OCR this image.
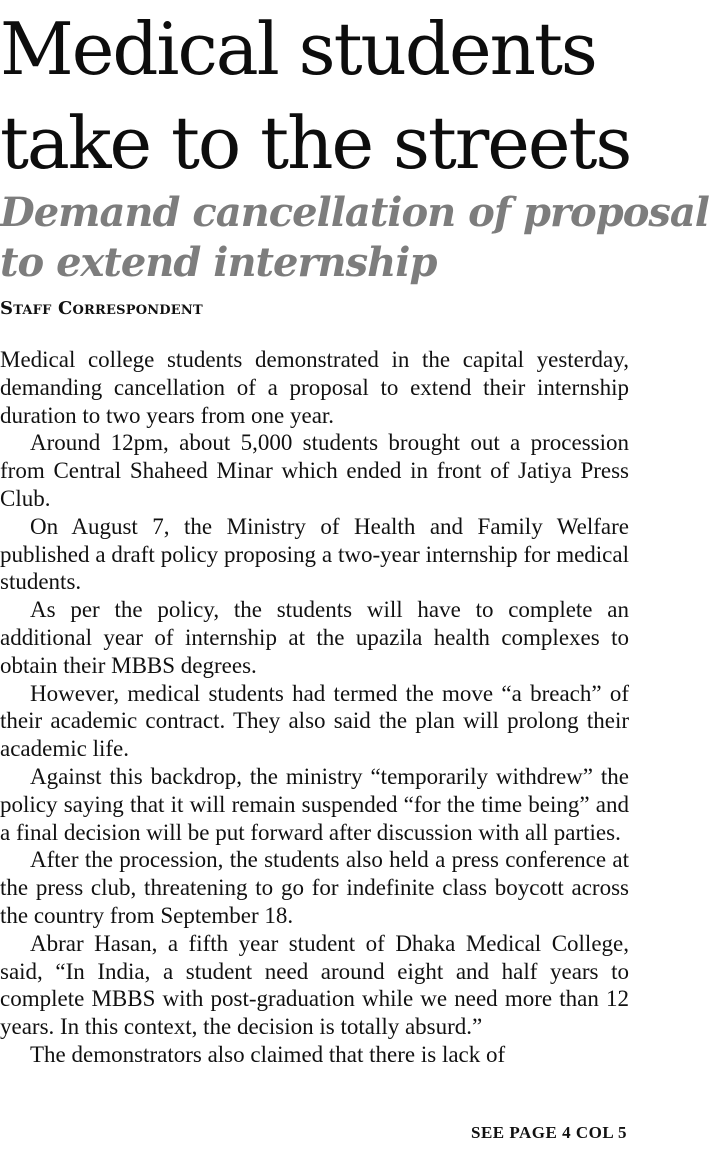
Medical students
take to the streets
Demand cancellation of proposal
to extend internship
Staff Correspondent

Medical college students demonstrated in the capital yesterday, demanding cancellation of a proposal to extend their internship duration to two years from one year.

Around 12pm, about 5,000 students brought out a procession from Central Shaheed Minar which ended in front of Jatiya Press Club.

On August 7, the Ministry of Health and Family Welfare published a draft policy proposing a two-year internship for medical students.

As per the policy, the students will have to complete an additional year of internship at the upazila health complexes to obtain their MBBS degrees.

However, medical students had termed the move “a breach” of their academic contract. They also said the plan will prolong their academic life.

Against this backdrop, the ministry “temporarily withdrew” the policy saying that it will remain suspended “for the time being” and a final decision will be put forward after discussion with all parties.

After the procession, the students also held a press conference at the press club, threatening to go for indefinite class boycott across the country from September 18.

Abrar Hasan, a fifth year student of Dhaka Medical College, said, “In India, a student need around eight and half years to complete MBBS with post-graduation while we need more than 12 years. In this context, the decision is totally absurd.”

The demonstrators also claimed that there is lack of

SEE PAGE 4 COL 5
